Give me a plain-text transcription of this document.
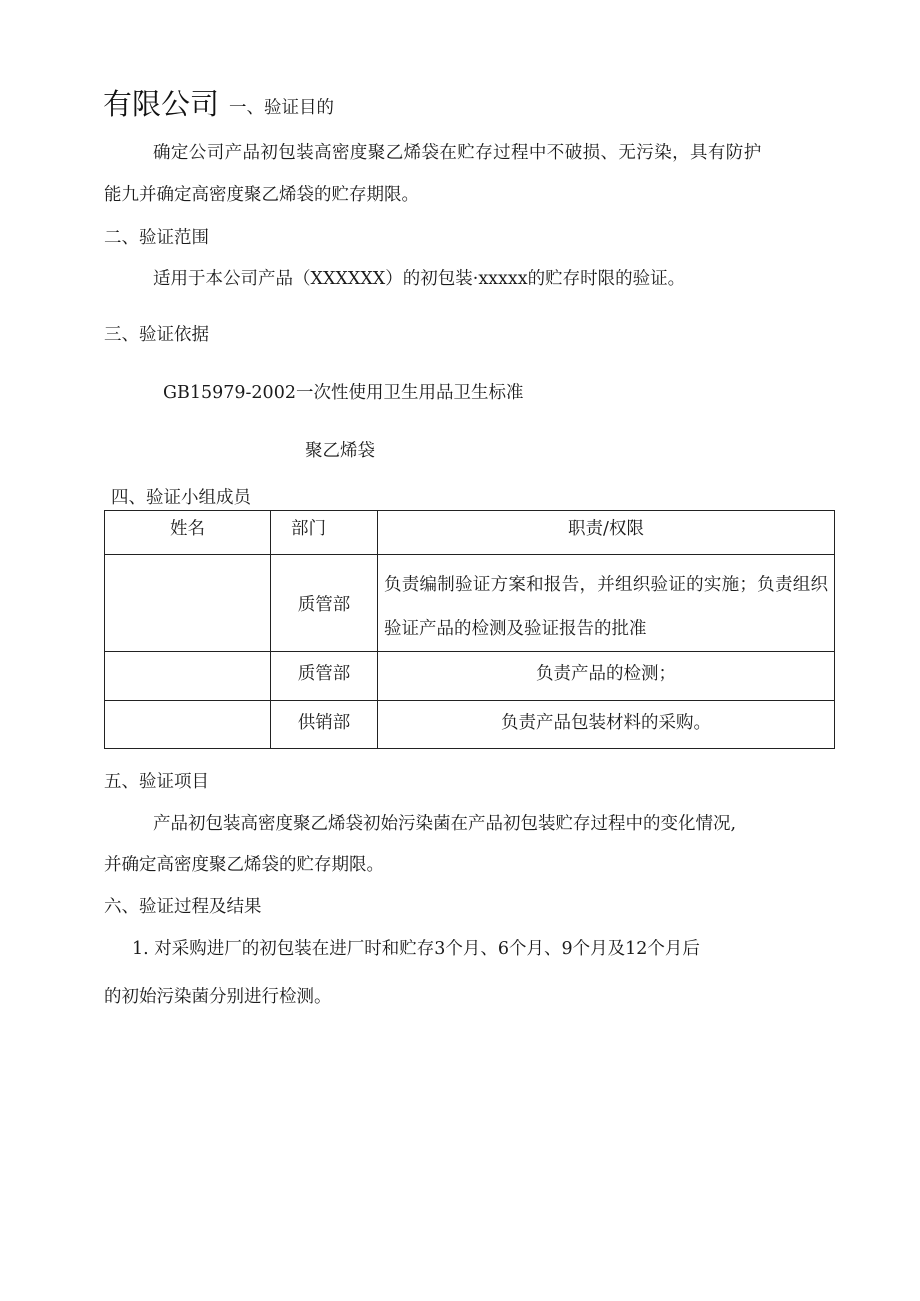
有限公司 一、验证目的
确定公司产品初包装高密度聚乙烯袋在贮存过程中不破损、无污染，具有防护
能九并确定高密度聚乙烯袋的贮存期限。
二、验证范围
适用于本公司产品（XXXXXX）的初包装·xxxxx的贮存时限的验证。
三、验证依据
GB15979-2002一次性使用卫生用品卫生标准
聚乙烯袋
四、验证小组成员
姓名	部门	职责/权限
	质管部	负责编制验证方案和报告，并组织验证的实施；负责组织验证产品的检测及验证报告的批准
	质管部	负责产品的检测；
	供销部	负责产品包装材料的采购。
五、验证项目
产品初包装高密度聚乙烯袋初始污染菌在产品初包装贮存过程中的变化情况,
并确定高密度聚乙烯袋的贮存期限。
六、验证过程及结果
1. 对采购进厂的初包装在进厂时和贮存3个月、6个月、9个月及12个月后
的初始污染菌分别进行检测。
